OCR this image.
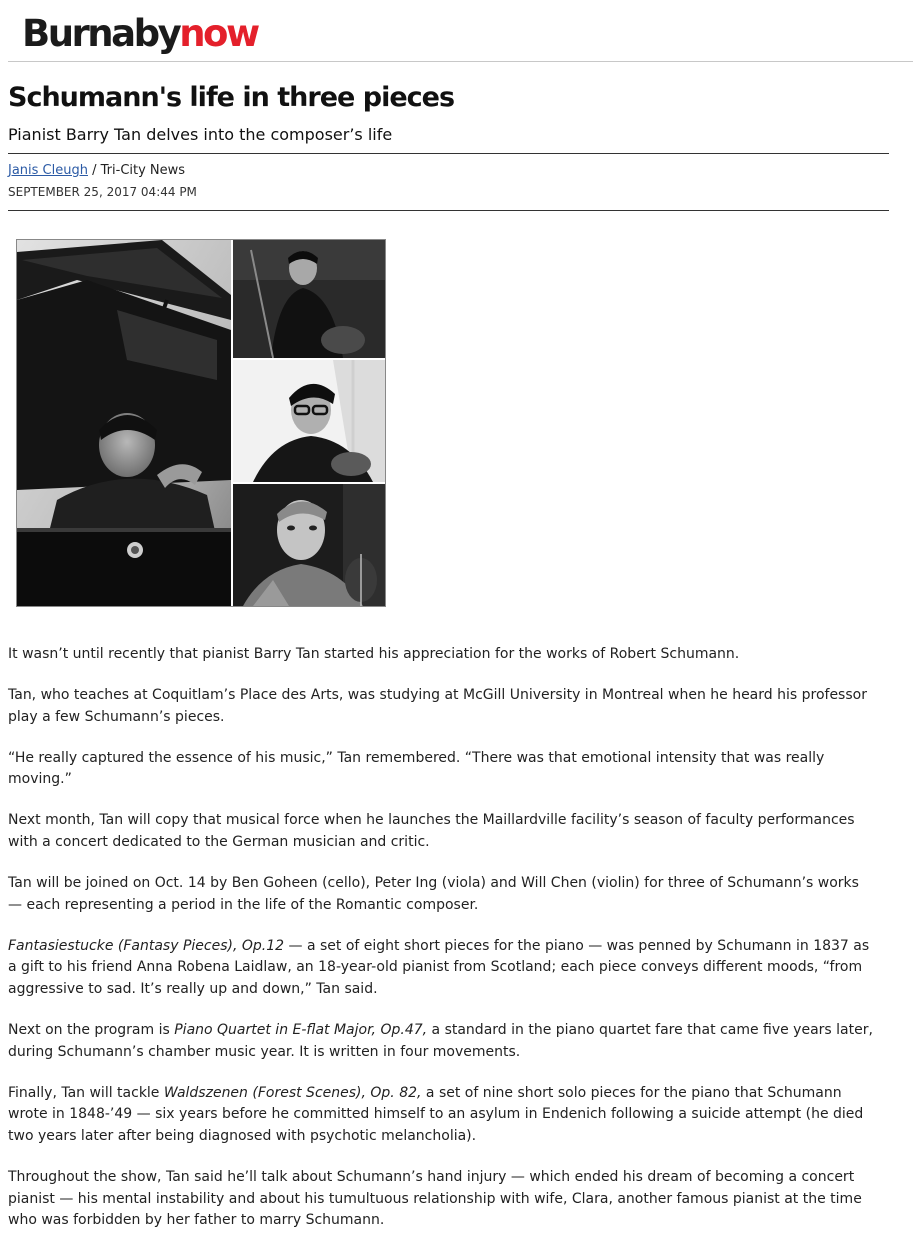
Burnabynow
Schumann's life in three pieces
Pianist Barry Tan delves into the composer’s life
Janis Cleugh / Tri-City News
SEPTEMBER 25, 2017 04:44 PM

It wasn’t until recently that pianist Barry Tan started his appreciation for the works of Robert Schumann.

Tan, who teaches at Coquitlam’s Place des Arts, was studying at McGill University in Montreal when he heard his professor play a few Schumann’s pieces.

“He really captured the essence of his music,” Tan remembered. “There was that emotional intensity that was really moving.”

Next month, Tan will copy that musical force when he launches the Maillardville facility’s season of faculty performances with a concert dedicated to the German musician and critic.

Tan will be joined on Oct. 14 by Ben Goheen (cello), Peter Ing (viola) and Will Chen (violin) for three of Schumann’s works — each representing a period in the life of the Romantic composer.

Fantasiestucke (Fantasy Pieces), Op.12 — a set of eight short pieces for the piano — was penned by Schumann in 1837 as a gift to his friend Anna Robena Laidlaw, an 18-year-old pianist from Scotland; each piece conveys different moods, “from aggressive to sad. It’s really up and down,” Tan said.

Next on the program is Piano Quartet in E-flat Major, Op.47, a standard in the piano quartet fare that came five years later, during Schumann’s chamber music year. It is written in four movements.

Finally, Tan will tackle Waldszenen (Forest Scenes), Op. 82, a set of nine short solo pieces for the piano that Schumann wrote in 1848-’49 — six years before he committed himself to an asylum in Endenich following a suicide attempt (he died two years later after being diagnosed with psychotic melancholia).

Throughout the show, Tan said he’ll talk about Schumann’s hand injury — which ended his dream of becoming a concert pianist — his mental instability and about his tumultuous relationship with wife, Clara, another famous pianist at the time who was forbidden by her father to marry Schumann.
